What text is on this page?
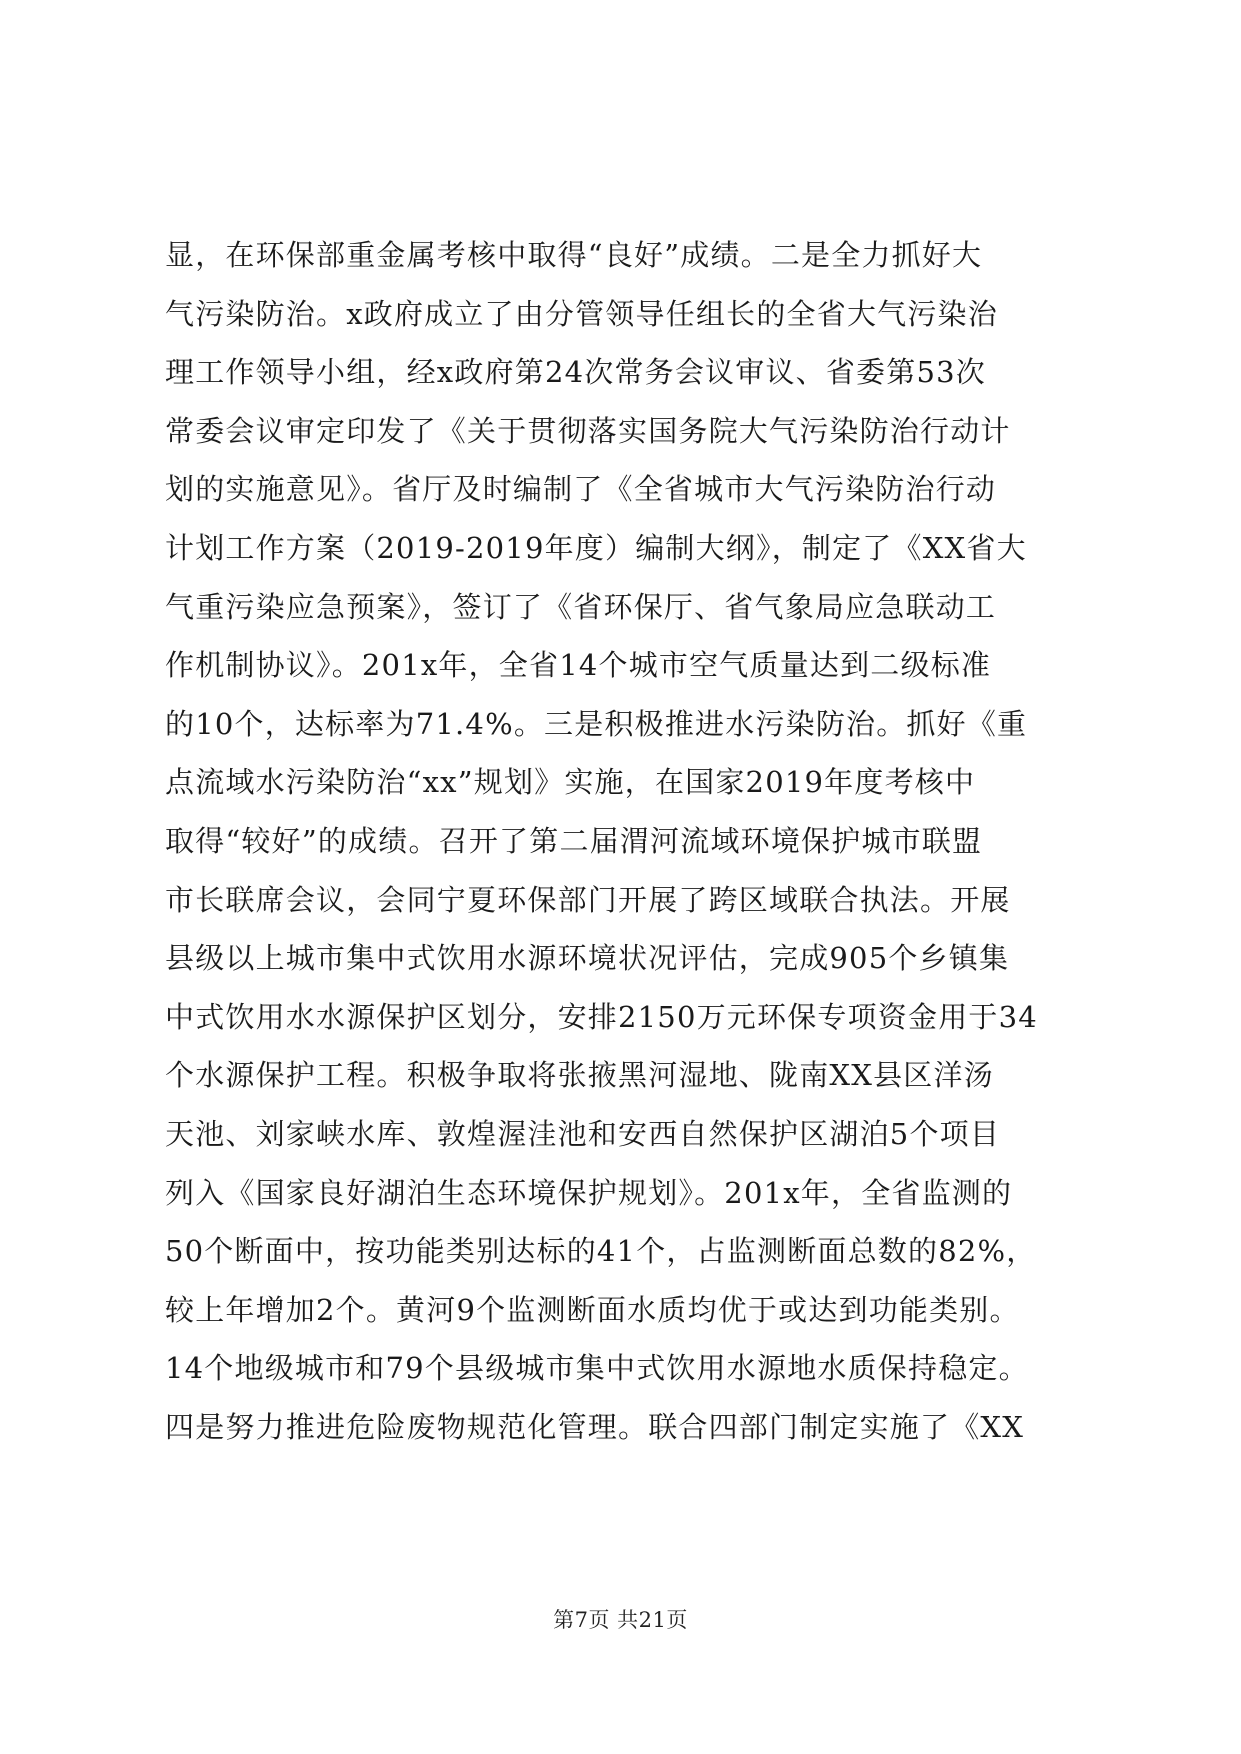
显，在环保部重金属考核中取得“良好”成绩。二是全力抓好大
气污染防治。x政府成立了由分管领导任组长的全省大气污染治
理工作领导小组，经x政府第24次常务会议审议、省委第53次
常委会议审定印发了《关于贯彻落实国务院大气污染防治行动计
划的实施意见》。省厅及时编制了《全省城市大气污染防治行动
计划工作方案（2019-2019年度）编制大纲》，制定了《XX省大
气重污染应急预案》，签订了《省环保厅、省气象局应急联动工
作机制协议》。201x年，全省14个城市空气质量达到二级标准
的10个，达标率为71.4%。三是积极推进水污染防治。抓好《重
点流域水污染防治“xx”规划》实施，在国家2019年度考核中
取得“较好”的成绩。召开了第二届渭河流域环境保护城市联盟
市长联席会议，会同宁夏环保部门开展了跨区域联合执法。开展
县级以上城市集中式饮用水源环境状况评估，完成905个乡镇集
中式饮用水水源保护区划分，安排2150万元环保专项资金用于34
个水源保护工程。积极争取将张掖黑河湿地、陇南XX县区洋汤
天池、刘家峡水库、敦煌渥洼池和安西自然保护区湖泊5个项目
列入《国家良好湖泊生态环境保护规划》。201x年，全省监测的
50个断面中，按功能类别达标的41个，占监测断面总数的82%，
较上年增加2个。黄河9个监测断面水质均优于或达到功能类别。
14个地级城市和79个县级城市集中式饮用水源地水质保持稳定。
四是努力推进危险废物规范化管理。联合四部门制定实施了《XX
第7页 共21页
